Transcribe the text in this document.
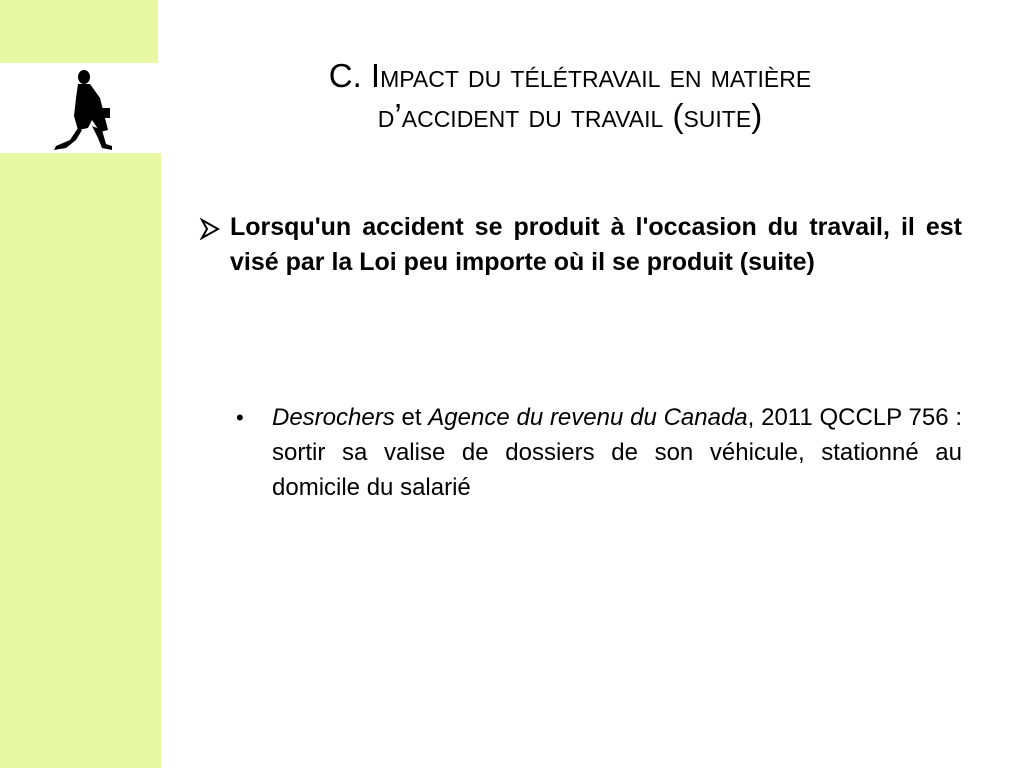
C. Impact du télétravail en matière
d’accident du travail (suite)
Lorsqu'un accident se produit à l'occasion du travail, il est visé par la Loi peu importe où il se produit (suite)
•	Desrochers et Agence du revenu du Canada, 2011 QCCLP 756 : sortir sa valise de dossiers de son véhicule, stationné au domicile du salarié
